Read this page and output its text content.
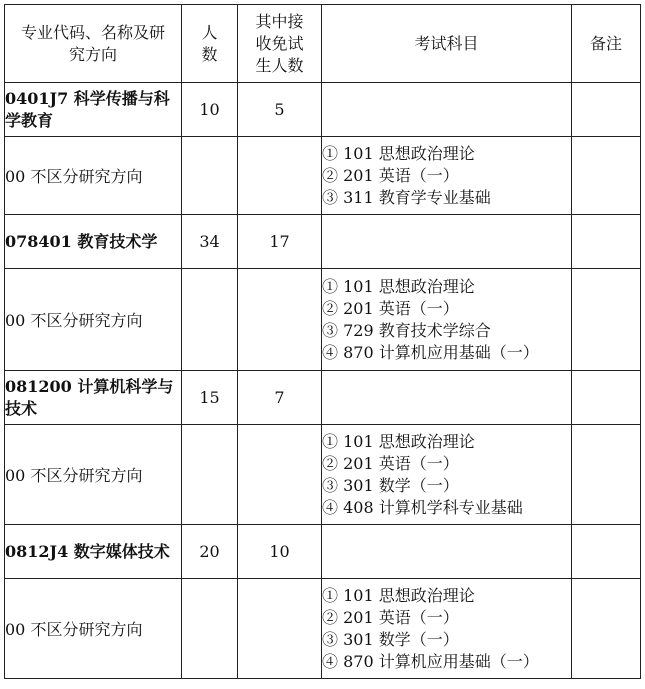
专业代码、名称及研究方向	人数	其中接收免试生人数	考试科目	备注
0401J7 科学传播与科学教育	10	5		
00 不区分研究方向			① 101 思想政治理论
② 201 英语（一）
③ 311 教育学专业基础	

078401 教育技术学	34	17		
00 不区分研究方向			① 101 思想政治理论
② 201 英语（一）
③ 729 教育技术学综合
④ 870 计算机应用基础（一）	

081200 计算机科学与技术	15	7		
00 不区分研究方向			① 101 思想政治理论
② 201 英语（一）
③ 301 数学（一）
④ 408 计算机学科专业基础	

0812J4 数字媒体技术	20	10		
00 不区分研究方向			① 101 思想政治理论
② 201 英语（一）
③ 301 数学（一）
④ 870 计算机应用基础（一）	
